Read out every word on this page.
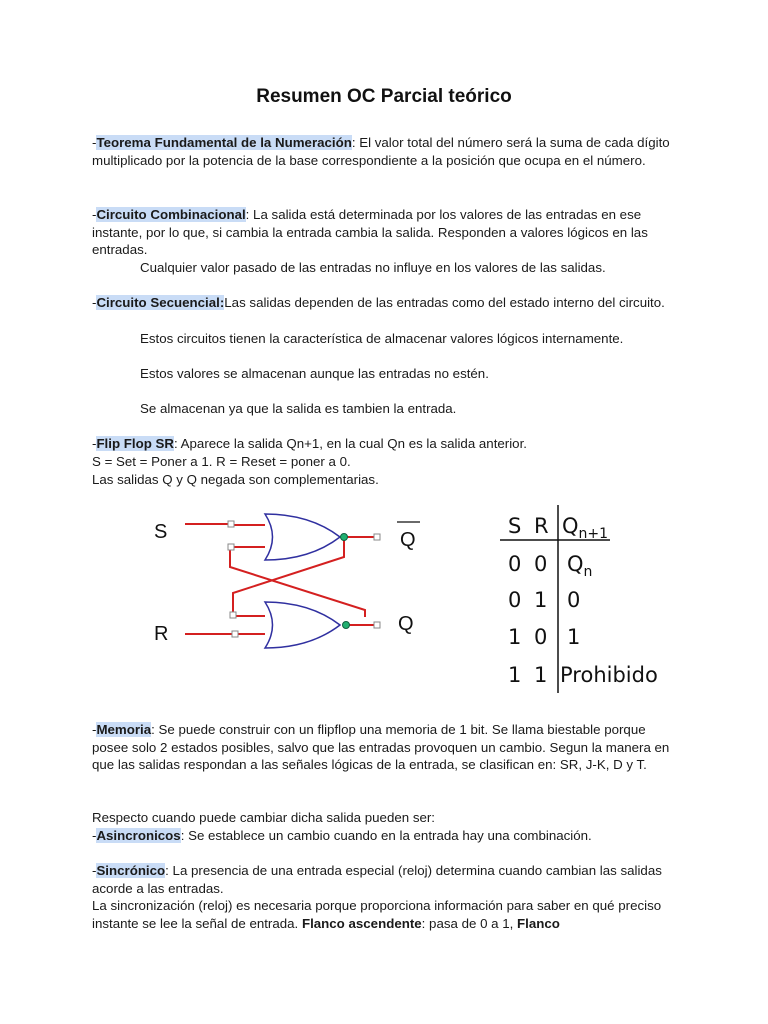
Resumen OC Parcial teórico
-Teorema Fundamental de la Numeración: El valor total del número será la suma de cada dígito multiplicado por la potencia de la base correspondiente a la posición que ocupa en el número.
-Circuito Combinacional: La salida está determinada por los valores de las entradas en ese instante, por lo que, si cambia la entrada cambia la salida. Responden a valores lógicos en las entradas.
Cualquier valor pasado de las entradas no influye en los valores de las salidas.
-Circuito Secuencial:Las salidas dependen de las entradas como del estado interno del circuito.
Estos circuitos tienen la característica de almacenar valores lógicos internamente.
Estos valores se almacenan aunque las entradas no estén.
Se almacenan ya que la salida es tambien la entrada.
-Flip Flop SR: Aparece la salida Qn+1, en la cual Qn es la salida anterior.
S = Set = Poner a 1. R = Reset = poner a 0.
Las salidas Q y Q negada son complementarias.
S
R
Q
Q
S R $Q_{n+1}$
0 0 $Q_n$
0 1 0
1 0 1
1 1 Prohibido
-Memoria: Se puede construir con un flipflop una memoria de 1 bit. Se llama biestable porque posee solo 2 estados posibles, salvo que las entradas provoquen un cambio. Segun la manera en que las salidas respondan a las señales lógicas de la entrada, se clasifican en: SR, J-K, D y T.
Respecto cuando puede cambiar dicha salida pueden ser:
-Asincronicos: Se establece un cambio cuando en la entrada hay una combinación.
-Sincrónico: La presencia de una entrada especial (reloj) determina cuando cambian las salidas acorde a las entradas.
La sincronización (reloj) es necesaria porque proporciona información para saber en qué preciso instante se lee la señal de entrada. Flanco ascendente: pasa de 0 a 1, Flanco
